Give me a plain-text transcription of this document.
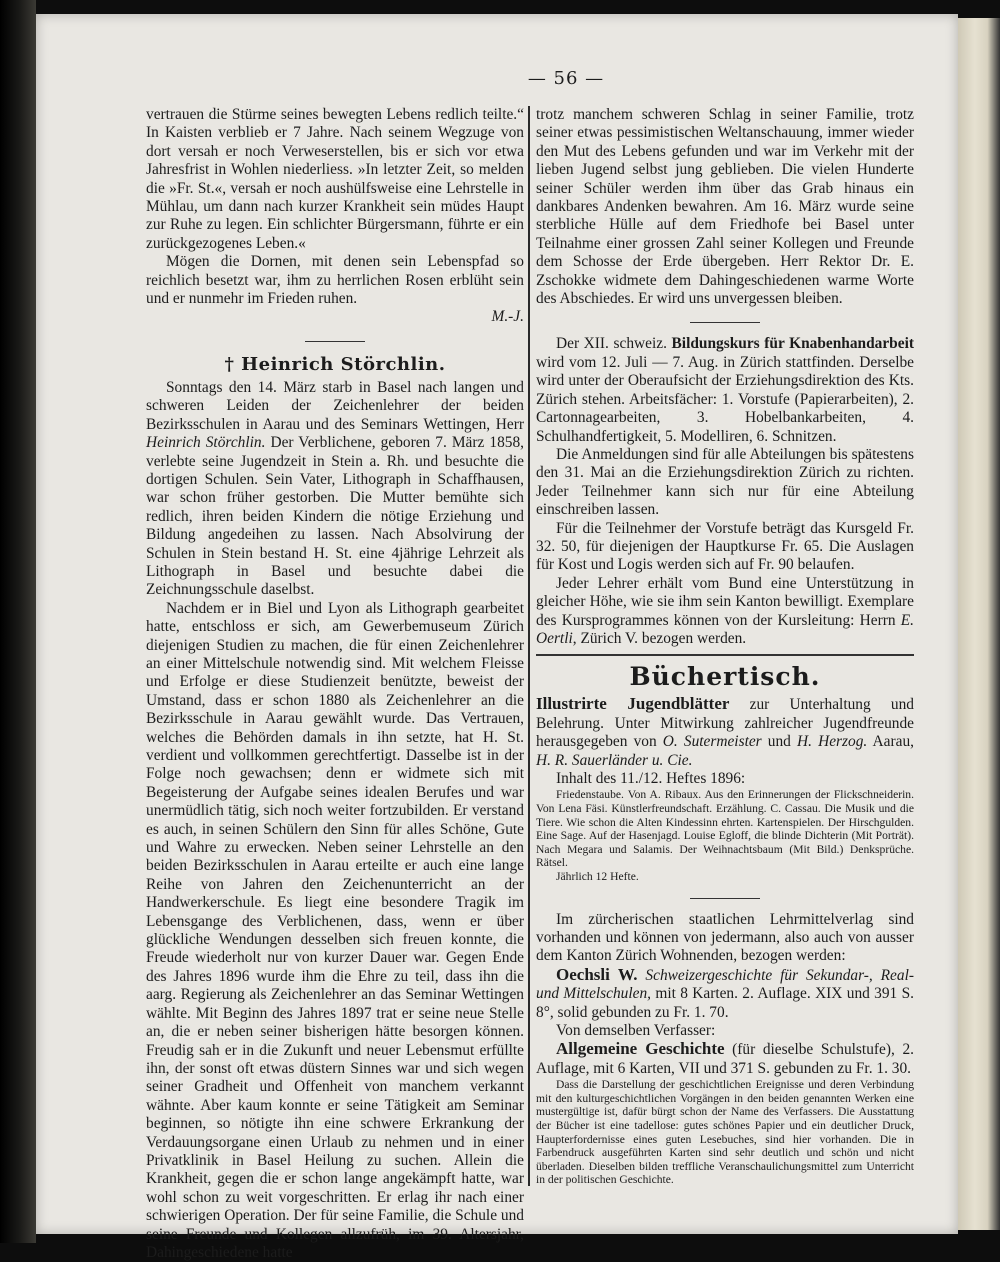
— 56 —

vertrauen die Stürme seines bewegten Lebens redlich teilte.“ In Kaisten verblieb er 7 Jahre. Nach seinem Wegzuge von dort versah er noch Verweserstellen, bis er sich vor etwa Jahresfrist in Wohlen niederliess. »In letzter Zeit, so melden die »Fr. St.«, versah er noch aushülfsweise eine Lehrstelle in Mühlau, um dann nach kurzer Krankheit sein müdes Haupt zur Ruhe zu legen. Ein schlichter Bürgersmann, führte er ein zurückgezogenes Leben.«

Mögen die Dornen, mit denen sein Lebenspfad so reichlich besetzt war, ihm zu herrlichen Rosen erblüht sein und er nunmehr im Frieden ruhen.
M.-J.
† Heinrich Störchlin.

Sonntags den 14. März starb in Basel nach langen und schweren Leiden der Zeichenlehrer der beiden Bezirksschulen in Aarau und des Seminars Wettingen, Herr Heinrich Störchlin. Der Verblichene, geboren 7. März 1858, verlebte seine Jugendzeit in Stein a. Rh. und besuchte die dortigen Schulen. Sein Vater, Lithograph in Schaffhausen, war schon früher gestorben. Die Mutter bemühte sich redlich, ihren beiden Kindern die nötige Erziehung und Bildung angedeihen zu lassen. Nach Absolvirung der Schulen in Stein bestand H. St. eine 4jährige Lehrzeit als Lithograph in Basel und besuchte dabei die Zeichnungsschule daselbst.

Nachdem er in Biel und Lyon als Lithograph gearbeitet hatte, entschloss er sich, am Gewerbemuseum Zürich diejenigen Studien zu machen, die für einen Zeichenlehrer an einer Mittelschule notwendig sind. Mit welchem Fleisse und Erfolge er diese Studienzeit benützte, beweist der Umstand, dass er schon 1880 als Zeichenlehrer an die Bezirksschule in Aarau gewählt wurde. Das Vertrauen, welches die Behörden damals in ihn setzte, hat H. St. verdient und vollkommen gerechtfertigt. Dasselbe ist in der Folge noch gewachsen; denn er widmete sich mit Begeisterung der Aufgabe seines idealen Berufes und war unermüdlich tätig, sich noch weiter fortzubilden. Er verstand es auch, in seinen Schülern den Sinn für alles Schöne, Gute und Wahre zu erwecken. Neben seiner Lehrstelle an den beiden Bezirksschulen in Aarau erteilte er auch eine lange Reihe von Jahren den Zeichenunterricht an der Handwerkerschule. Es liegt eine besondere Tragik im Lebensgange des Verblichenen, dass, wenn er über glückliche Wendungen desselben sich freuen konnte, die Freude wiederholt nur von kurzer Dauer war. Gegen Ende des Jahres 1896 wurde ihm die Ehre zu teil, dass ihn die aarg. Regierung als Zeichenlehrer an das Seminar Wettingen wählte. Mit Beginn des Jahres 1897 trat er seine neue Stelle an, die er neben seiner bisherigen hätte besorgen können. Freudig sah er in die Zukunft und neuer Lebensmut erfüllte ihn, der sonst oft etwas düstern Sinnes war und sich wegen seiner Gradheit und Offenheit von manchem verkannt wähnte. Aber kaum konnte er seine Tätigkeit am Seminar beginnen, so nötigte ihn eine schwere Erkrankung der Verdauungsorgane einen Urlaub zu nehmen und in einer Privatklinik in Basel Heilung zu suchen. Allein die Krankheit, gegen die er schon lange angekämpft hatte, war wohl schon zu weit vorgeschritten. Er erlag ihr nach einer schwierigen Operation. Der für seine Familie, die Schule und seine Freunde und Kollegen allzufrüh, im 39. Altersjahr, Dahingeschiedene hatte

trotz manchem schweren Schlag in seiner Familie, trotz seiner etwas pessimistischen Weltanschauung, immer wieder den Mut des Lebens gefunden und war im Verkehr mit der lieben Jugend selbst jung geblieben. Die vielen Hunderte seiner Schüler werden ihm über das Grab hinaus ein dankbares Andenken bewahren. Am 16. März wurde seine sterbliche Hülle auf dem Friedhofe bei Basel unter Teilnahme einer grossen Zahl seiner Kollegen und Freunde dem Schosse der Erde übergeben. Herr Rektor Dr. E. Zschokke widmete dem Dahingeschiedenen warme Worte des Abschiedes. Er wird uns unvergessen bleiben.

Der XII. schweiz. Bildungskurs für Knabenhandarbeit wird vom 12. Juli — 7. Aug. in Zürich stattfinden. Derselbe wird unter der Oberaufsicht der Erziehungsdirektion des Kts. Zürich stehen. Arbeitsfächer: 1. Vorstufe (Papierarbeiten), 2. Cartonnagearbeiten, 3. Hobelbankarbeiten, 4. Schulhandfertigkeit, 5. Modelliren, 6. Schnitzen.

Die Anmeldungen sind für alle Abteilungen bis spätestens den 31. Mai an die Erziehungsdirektion Zürich zu richten. Jeder Teilnehmer kann sich nur für eine Abteilung einschreiben lassen.

Für die Teilnehmer der Vorstufe beträgt das Kursgeld Fr. 32. 50, für diejenigen der Hauptkurse Fr. 65. Die Auslagen für Kost und Logis werden sich auf Fr. 90 belaufen.

Jeder Lehrer erhält vom Bund eine Unterstützung in gleicher Höhe, wie sie ihm sein Kanton bewilligt. Exemplare des Kursprogrammes können von der Kursleitung: Herrn E. Oertli, Zürich V. bezogen werden.

Büchertisch.

Illustrirte Jugendblätter zur Unterhaltung und Belehrung. Unter Mitwirkung zahlreicher Jugendfreunde herausgegeben von O. Sutermeister und H. Herzog. Aarau, H. R. Sauerländer u. Cie.

Inhalt des 11./12. Heftes 1896:

Friedenstaube. Von A. Ribaux. Aus den Erinnerungen der Flickschneiderin. Von Lena Fäsi. Künstlerfreundschaft. Erzählung. C. Cassau. Die Musik und die Tiere. Wie schon die Alten Kindessinn ehrten. Kartenspielen. Der Hirschgulden. Eine Sage. Auf der Hasenjagd. Louise Egloff, die blinde Dichterin (Mit Porträt). Nach Megara und Salamis. Der Weihnachtsbaum (Mit Bild.) Denksprüche. Rätsel.

Jährlich 12 Hefte.

Im zürcherischen staatlichen Lehrmittelverlag sind vorhanden und können von jedermann, also auch von ausser dem Kanton Zürich Wohnenden, bezogen werden:

Oechsli W. Schweizergeschichte für Sekundar-, Real- und Mittelschulen, mit 8 Karten. 2. Auflage. XIX und 391 S. 8°, solid gebunden zu Fr. 1. 70.

Von demselben Verfasser:

Allgemeine Geschichte (für dieselbe Schulstufe), 2. Auflage, mit 6 Karten, VII und 371 S. gebunden zu Fr. 1. 30.

Dass die Darstellung der geschichtlichen Ereignisse und deren Verbindung mit den kulturgeschichtlichen Vorgängen in den beiden genannten Werken eine mustergültige ist, dafür bürgt schon der Name des Verfassers. Die Ausstattung der Bücher ist eine tadellose: gutes schönes Papier und ein deutlicher Druck, Haupterfordernisse eines guten Lesebuches, sind hier vorhanden. Die in Farbendruck ausgeführten Karten sind sehr deutlich und schön und nicht überladen. Dieselben bilden treffliche Veranschaulichungsmittel zum Unterricht in der politischen Geschichte.
